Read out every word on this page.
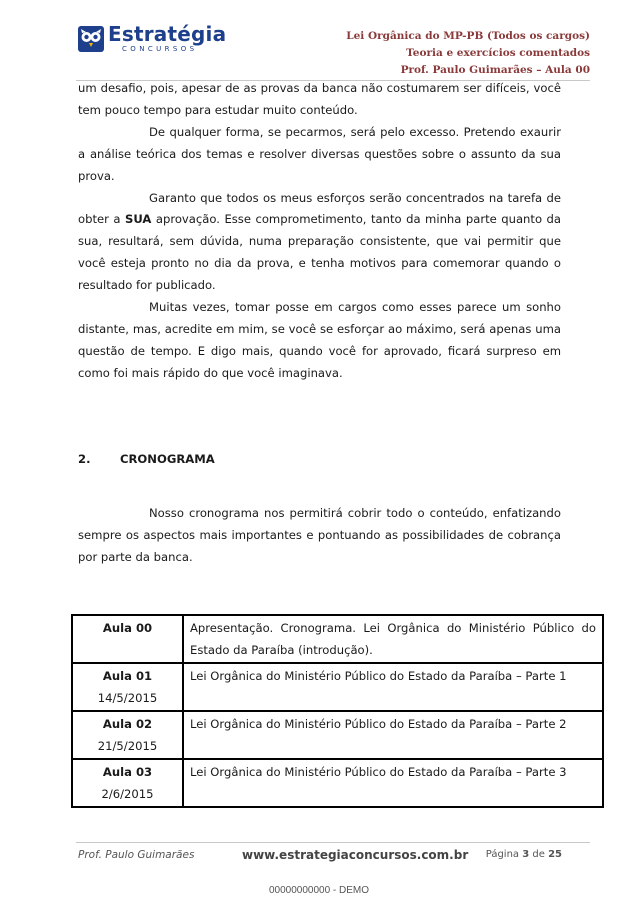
Estratégia
CONCURSOS
Lei Orgânica do MP-PB (Todos os cargos)
Teoria e exercícios comentados
Prof. Paulo Guimarães – Aula 00

um desafio, pois, apesar de as provas da banca não costumarem ser difíceis, você tem pouco tempo para estudar muito conteúdo.

De qualquer forma, se pecarmos, será pelo excesso. Pretendo exaurir a análise teórica dos temas e resolver diversas questões sobre o assunto da sua prova.

Garanto que todos os meus esforços serão concentrados na tarefa de obter a SUA aprovação. Esse comprometimento, tanto da minha parte quanto da sua, resultará, sem dúvida, numa preparação consistente, que vai permitir que você esteja pronto no dia da prova, e tenha motivos para comemorar quando o resultado for publicado.

Muitas vezes, tomar posse em cargos como esses parece um sonho distante, mas, acredite em mim, se você se esforçar ao máximo, será apenas uma questão de tempo. E digo mais, quando você for aprovado, ficará surpreso em como foi mais rápido do que você imaginava.

2.	CRONOGRAMA

Nosso cronograma nos permitirá cobrir todo o conteúdo, enfatizando sempre os aspectos mais importantes e pontuando as possibilidades de cobrança por parte da banca.

Aula 00	Apresentação. Cronograma. Lei Orgânica do Ministério Público do Estado da Paraíba (introdução).

Aula 01
14/5/2015	Lei Orgânica do Ministério Público do Estado da Paraíba – Parte 1

Aula 02
21/5/2015	Lei Orgânica do Ministério Público do Estado da Paraíba – Parte 2

Aula 03
2/6/2015	Lei Orgânica do Ministério Público do Estado da Paraíba – Parte 3
Prof. Paulo Guimarães	www.estrategiaconcursos.com.br Página 3 de 25
00000000000 - DEMO
